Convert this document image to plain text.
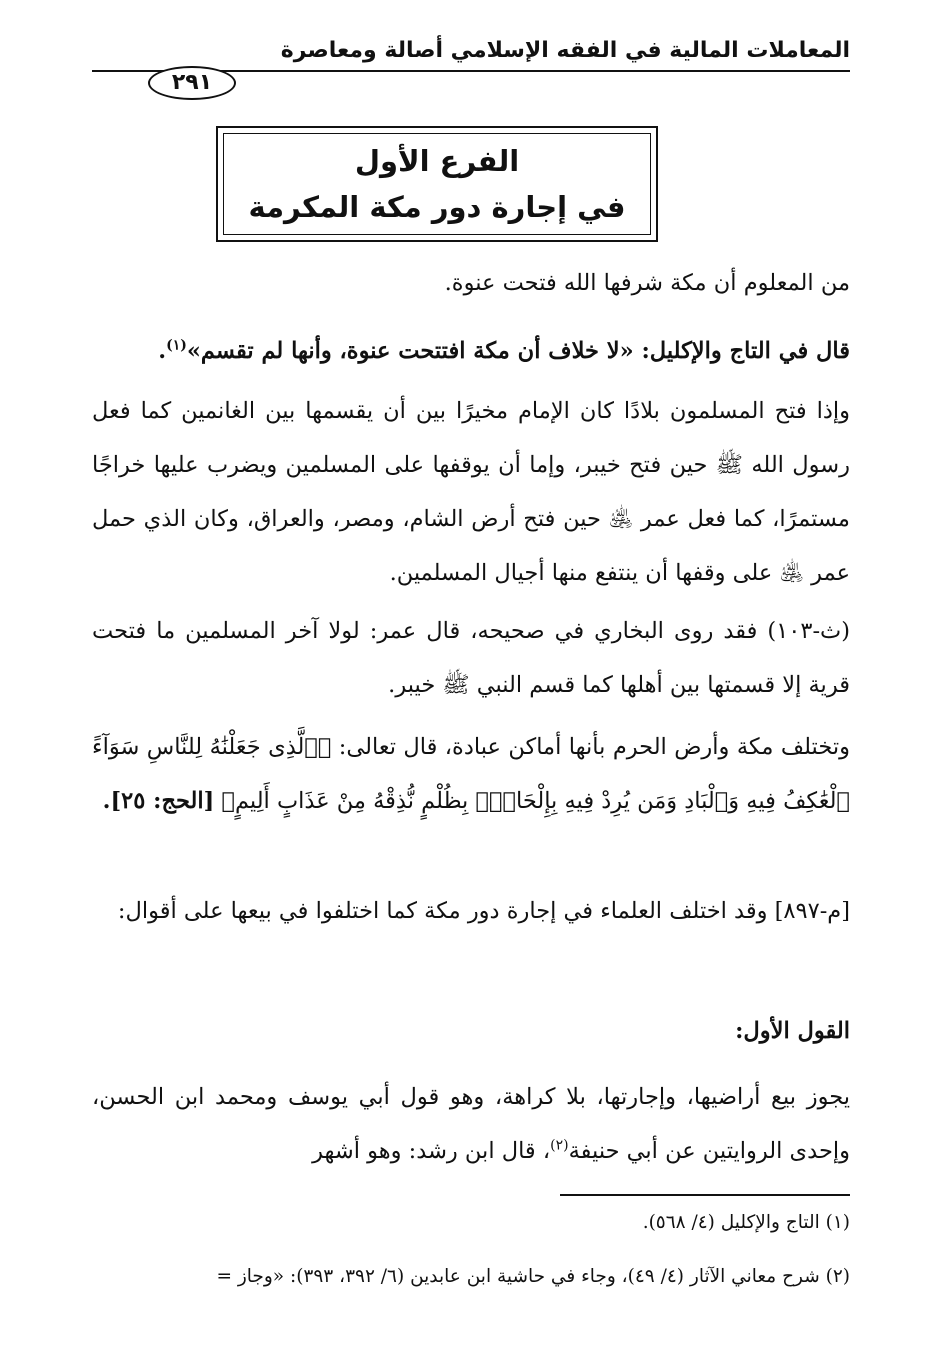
المعاملات المالية في الفقه الإسلامي أصالة ومعاصرة
٢٩١
الفرع الأول
في إجارة دور مكة المكرمة

من المعلوم أن مكة شرفها الله فتحت عنوة.

قال في التاج والإكليل: «لا خلاف أن مكة افتتحت عنوة، وأنها لم تقسم»$^{(١)}$.

وإذا فتح المسلمون بلادًا كان الإمام مخيرًا بين أن يقسمها بين الغانمين كما فعل رسول الله ﷺ حين فتح خيبر، وإما أن يوقفها على المسلمين ويضرب عليها خراجًا مستمرًا، كما فعل عمر ﵁ حين فتح أرض الشام، ومصر، والعراق، وكان الذي حمل عمر ﵁ على وقفها أن ينتفع منها أجيال المسلمين.

(ث-١٠٣) فقد روى البخاري في صحيحه، قال عمر: لولا آخر المسلمين ما فتحت قرية إلا قسمتها بين أهلها كما قسم النبي ﷺ خيبر.

وتختلف مكة وأرض الحرم بأنها أماكن عبادة، قال تعالى: ﴿ٱلَّذِى جَعَلْنَٰهُ لِلنَّاسِ سَوَآءً ٱلْعَٰكِفُ فِيهِ وَٱلْبَادِ وَمَن يُرِدْ فِيهِ بِإِلْحَادٍۭ بِظُلْمٍ نُّذِقْهُ مِنْ عَذَابٍ أَلِيمٍ﴾ [الحج: ٢٥].

[م-٨٩٧] وقد اختلف العلماء في إجارة دور مكة كما اختلفوا في بيعها على أقوال:

القول الأول:

يجوز بيع أراضيها، وإجارتها، بلا كراهة، وهو قول أبي يوسف ومحمد ابن الحسن، وإحدى الروايتين عن أبي حنيفة$^{(٢)}$، قال ابن رشد: وهو أشهر

(١) التاج والإكليل (٤/ ٥٦٨).
(٢) شرح معاني الآثار (٤/ ٤٩)، وجاء في حاشية ابن عابدين (٦/ ٣٩٢، ٣٩٣): «وجاز =
